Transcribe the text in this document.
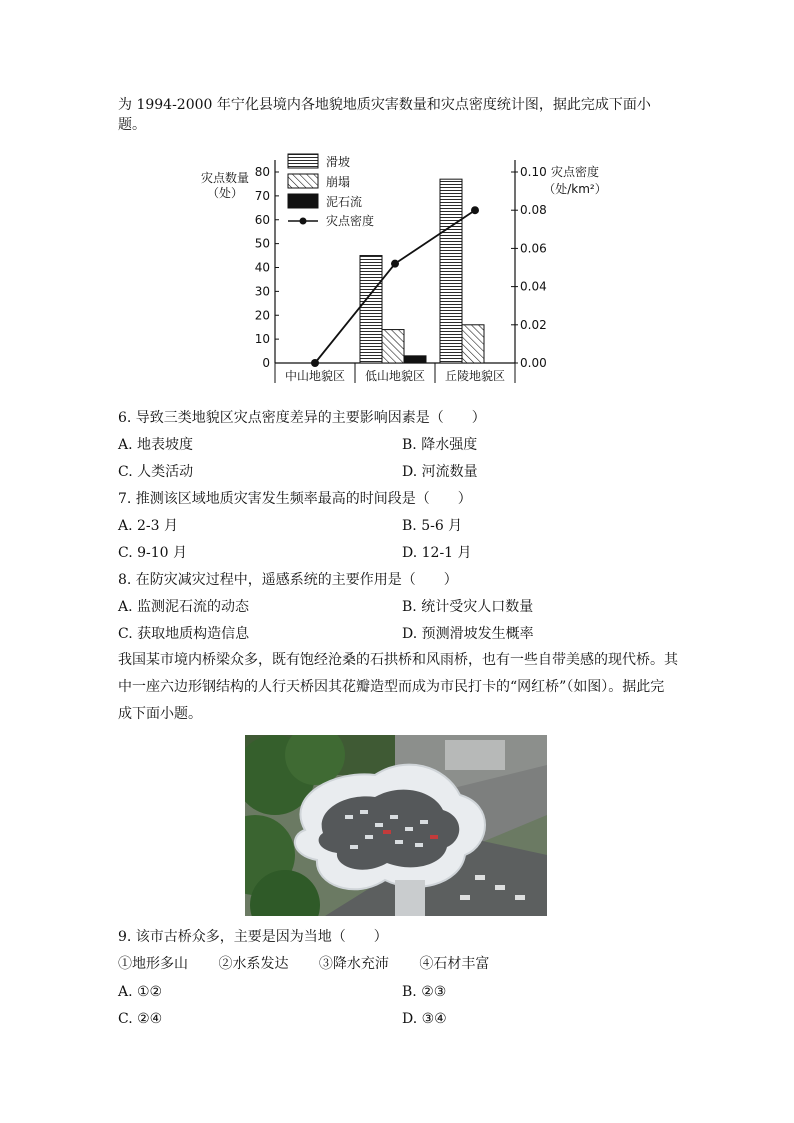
为 1994-2000 年宁化县境内各地貌地质灾害数量和灾点密度统计图，据此完成下面小题。
0
10
20
30
40
50
60
70
80
0.00
0.02
0.04
0.06
0.08
0.10
灾点数量
（处）
灾点密度
（处/km²）
中山地貌区 低山地貌区 丘陵地貌区
滑坡
崩塌
泥石流
灾点密度
6. 导致三类地貌区灾点密度差异的主要影响因素是（　　）
A. 地表坡度	B. 降水强度
C. 人类活动	D. 河流数量
7. 推测该区域地质灾害发生频率最高的时间段是（　　）
A. 2-3 月	B. 5-6 月
C. 9-10 月	D. 12-1 月
8. 在防灾减灾过程中，遥感系统的主要作用是（　　）
A. 监测泥石流的动态	B. 统计受灾人口数量
C. 获取地质构造信息	D. 预测滑坡发生概率
我国某市境内桥梁众多，既有饱经沧桑的石拱桥和风雨桥，也有一些自带美感的现代桥。其中一座六边形钢结构的人行天桥因其花瓣造型而成为市民打卡的“网红桥”（如图）。据此完成下面小题。
9. 该市古桥众多，主要是因为当地（　　）
①地形多山 ②水系发达 ③降水充沛 ④石材丰富
A. ①②	B. ②③
C. ②④	D. ③④
